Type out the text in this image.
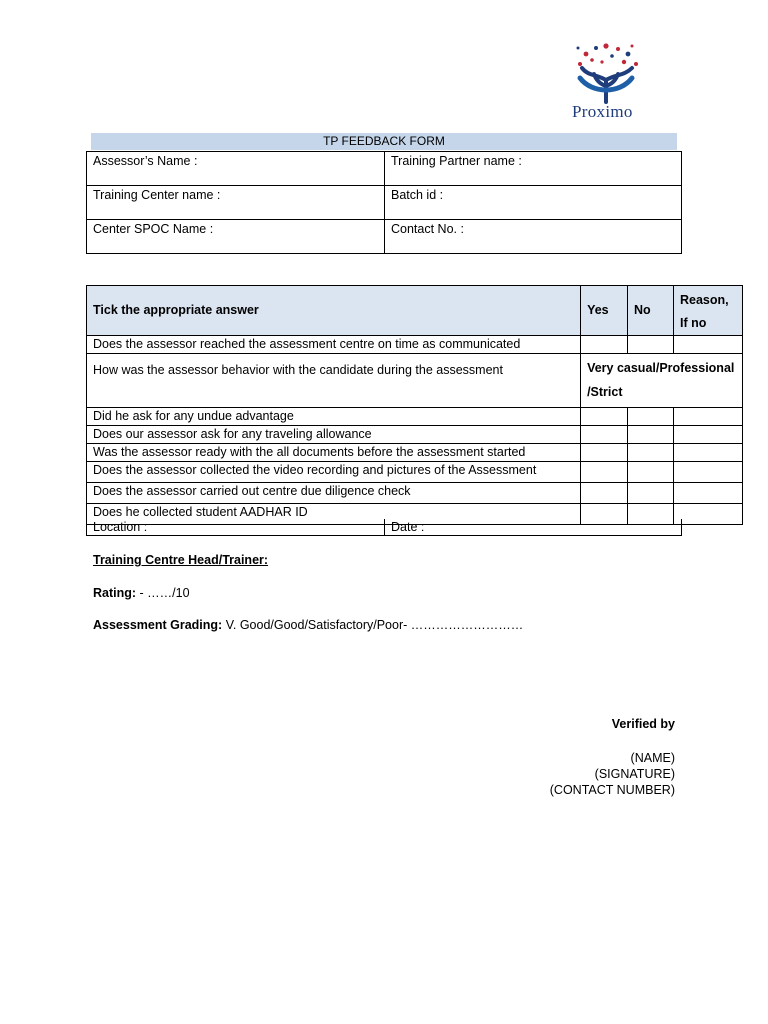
Proximo
TP FEEDBACK FORM
Assessor’s Name :	Training Partner name :
Training Center name :	Batch id :
Center SPOC Name :	Contact No. :
Tick the appropriate answer	Yes	No	Reason,
If no
Does the assessor reached the assessment centre on time as communicated			
How was the assessor behavior with the candidate during the assessment	Very casual/Professional
/Strict		
Did he ask for any undue advantage			
Does our assessor ask for any traveling allowance			
Was the assessor ready with the all documents before the assessment started			
Does the assessor collected the video recording and pictures of the Assessment			
Does the assessor carried out centre due diligence check			
Does he collected student AADHAR ID			
Location :	Date :
Training Centre Head/Trainer:
Rating: - ……/10
Assessment Grading: V. Good/Good/Satisfactory/Poor- ………………………
Verified by
(NAME)
(SIGNATURE)
(CONTACT NUMBER)
